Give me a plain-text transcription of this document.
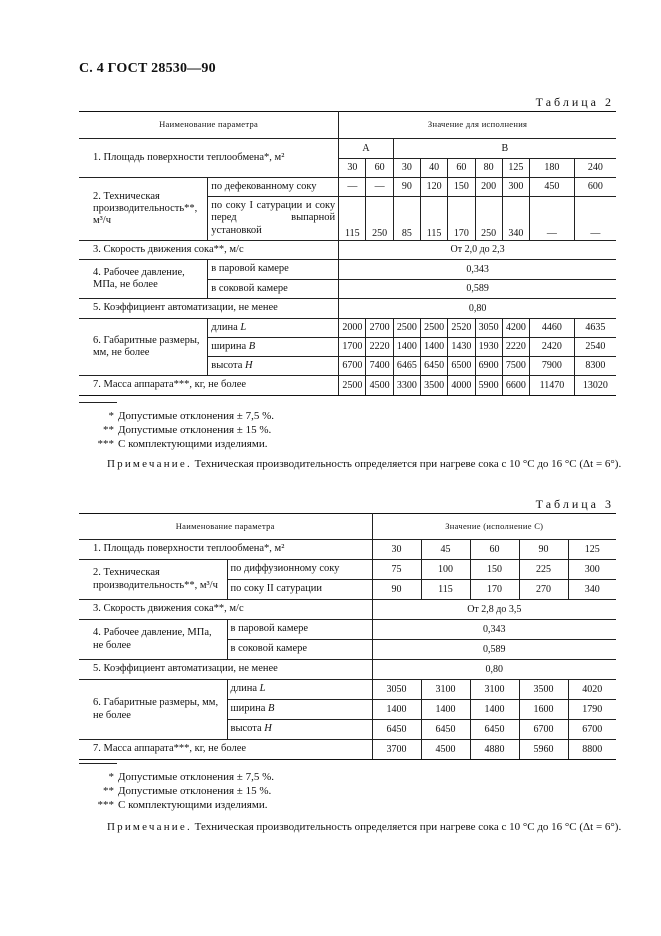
С. 4 ГОСТ 28530—90
Таблица 2
Наименование параметра		Значение для исполнения								
1. Площадь поверхности теплообмена*, м²		А		В						
		30	60	30	40	60	80	125	180	240
2. Техническая производительность**, м³/ч	по дефекованному соку	—	—	90	120	150	200	300	450	600
	по соку I сатурации и соку перед выпарной установкой	115	250	85	115	170	250	340	—	—
3. Скорость движения сока**, м/с		От 2,0 до 2,3								
4. Рабочее давление, МПа, не более	в паровой камере	0,343								
	в соковой камере	0,589								
5. Коэффициент автоматизации, не менее		0,80								
6. Габаритные размеры, мм, не более	длина L	2000	2700	2500	2500	2520	3050	4200	4460	4635
	ширина B	1700	2220	1400	1400	1430	1930	2220	2420	2540
	высота H	6700	7400	6465	6450	6500	6900	7500	7900	8300
7. Масса аппарата***, кг, не более		2500	4500	3300	3500	4000	5900	6600	11470	13020
* Допустимые отклонения ± 7,5 %.
** Допустимые отклонения ± 15 %.
*** С комплектующими изделиями.
Примечание. Техническая производительность определяется при нагреве сока с 10 °С до 16 °С (Δt = 6°).
Таблица 3
Наименование параметра		Значение (исполнение С)				
1. Площадь поверхности теплообмена*, м²		30	45	60	90	125
2. Техническая производительность**, м³/ч	по диффузионному соку	75	100	150	225	300
	по соку II сатурации	90	115	170	270	340
3. Скорость движения сока**, м/с		От 2,8 до 3,5				
4. Рабочее давление, МПа, не более	в паровой камере	0,343				
	в соковой камере	0,589				
5. Коэффициент автоматизации, не менее		0,80				
6. Габаритные размеры, мм, не более	длина L	3050	3100	3100	3500	4020
	ширина B	1400	1400	1400	1600	1790
	высота H	6450	6450	6450	6700	6700
7. Масса аппарата***, кг, не более		3700	4500	4880	5960	8800
* Допустимые отклонения ± 7,5 %.
** Допустимые отклонения ± 15 %.
*** С комплектующими изделиями.
Примечание. Техническая производительность определяется при нагреве сока с 10 °С до 16 °С (Δt = 6°).
